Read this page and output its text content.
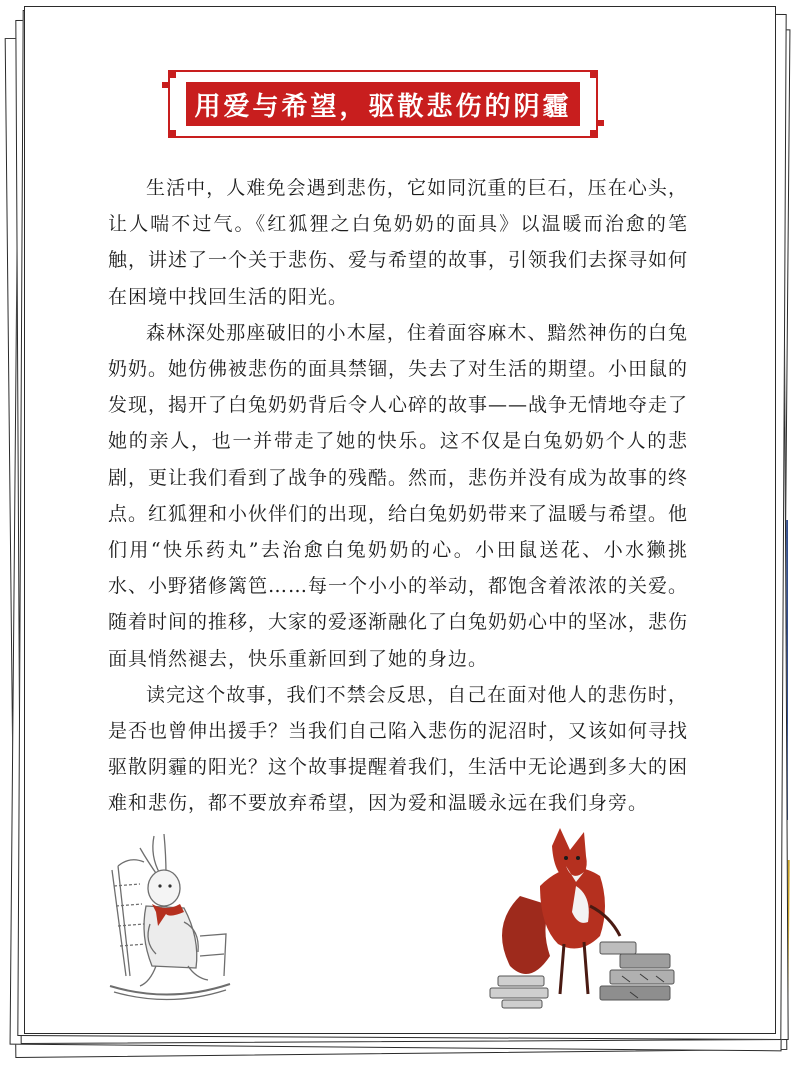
用爱与希望，驱散悲伤的阴霾

生活中，人难免会遇到悲伤，它如同沉重的巨石，压在心头，让人喘不过气。《红狐狸之白兔奶奶的面具》以温暖而治愈的笔触，讲述了一个关于悲伤、爱与希望的故事，引领我们去探寻如何在困境中找回生活的阳光。

森林深处那座破旧的小木屋，住着面容麻木、黯然神伤的白兔奶奶。她仿佛被悲伤的面具禁锢，失去了对生活的期望。小田鼠的发现，揭开了白兔奶奶背后令人心碎的故事——战争无情地夺走了她的亲人，也一并带走了她的快乐。这不仅是白兔奶奶个人的悲剧，更让我们看到了战争的残酷。然而，悲伤并没有成为故事的终点。红狐狸和小伙伴们的出现，给白兔奶奶带来了温暖与希望。他们用“快乐药丸”去治愈白兔奶奶的心。小田鼠送花、小水獭挑水、小野猪修篱笆……每一个小小的举动，都饱含着浓浓的关爱。随着时间的推移，大家的爱逐渐融化了白兔奶奶心中的坚冰，悲伤面具悄然褪去，快乐重新回到了她的身边。

读完这个故事，我们不禁会反思，自己在面对他人的悲伤时，是否也曾伸出援手？当我们自己陷入悲伤的泥沼时，又该如何寻找驱散阴霾的阳光？这个故事提醒着我们，生活中无论遇到多大的困难和悲伤，都不要放弃希望，因为爱和温暖永远在我们身旁。
